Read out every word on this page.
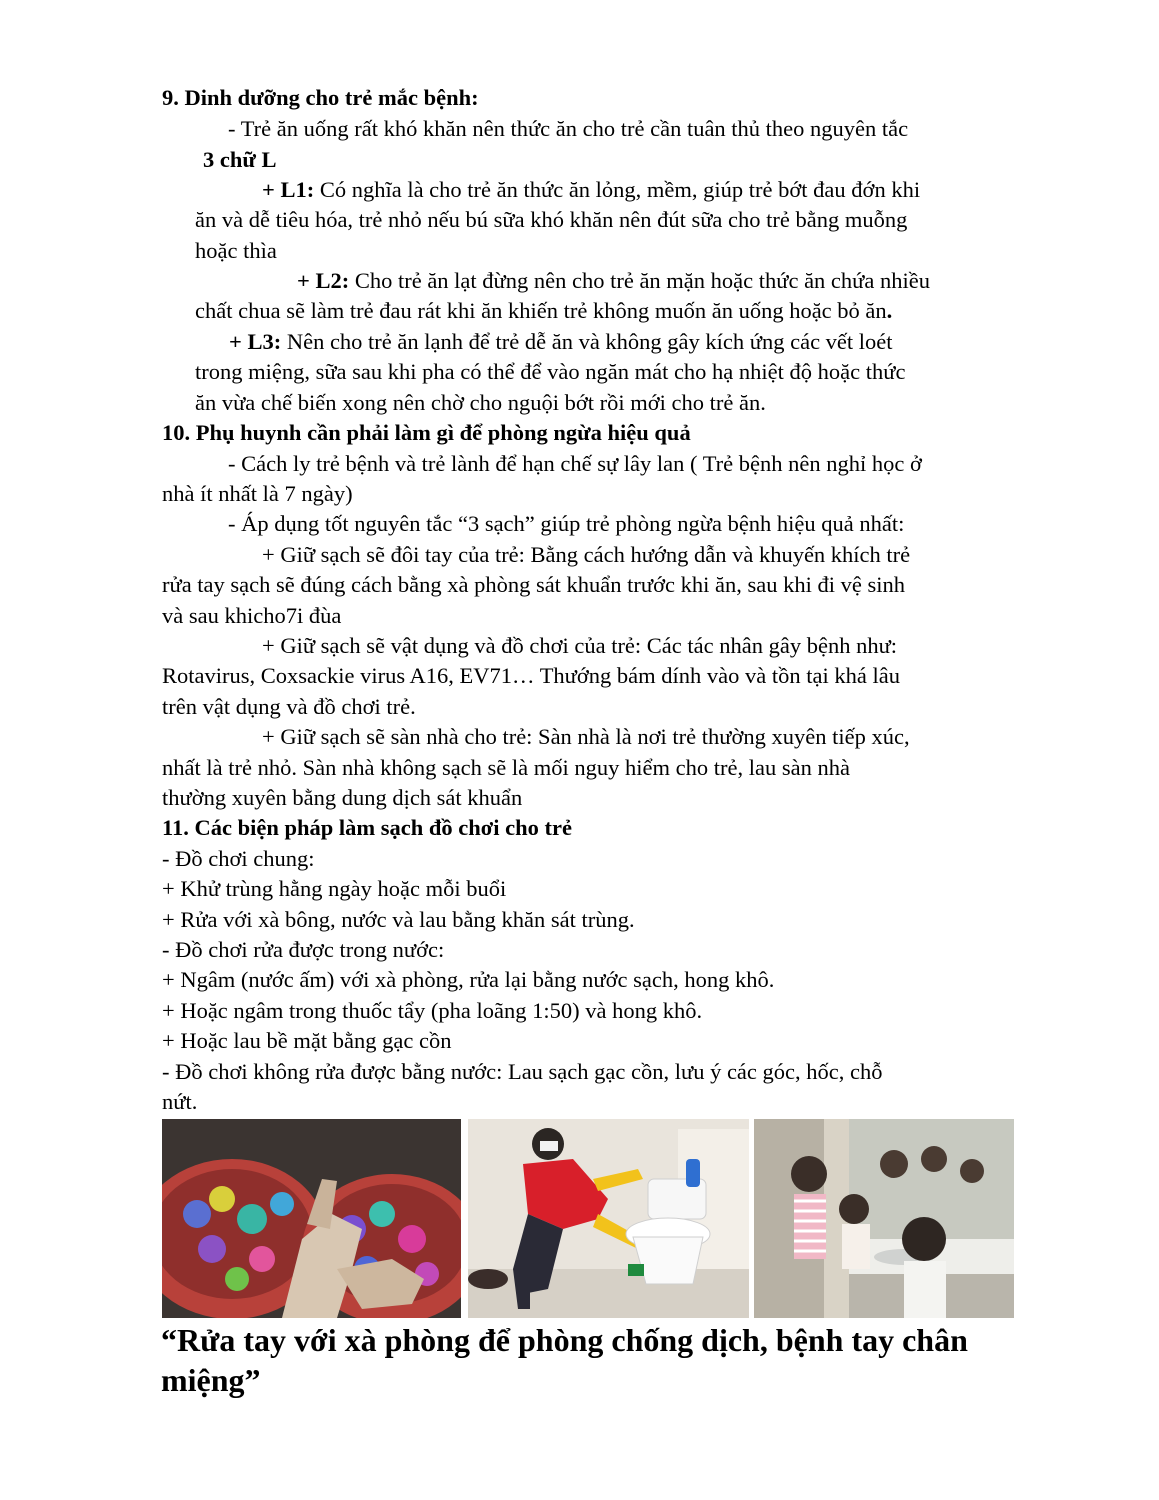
9. Dinh dưỡng cho trẻ mắc bệnh:
- Trẻ ăn uống rất khó khăn nên thức ăn cho trẻ cần tuân thủ theo nguyên tắc
3 chữ L
+ L1: Có nghĩa là cho trẻ ăn thức ăn lỏng, mềm, giúp trẻ bớt đau đớn khi
ăn và dễ tiêu hóa, trẻ nhỏ nếu bú sữa khó khăn nên đút sữa cho trẻ bằng muỗng
hoặc thìa
+ L2: Cho trẻ ăn lạt đừng nên cho trẻ ăn mặn hoặc thức ăn chứa nhiều
chất chua sẽ làm trẻ đau rát khi ăn khiến trẻ không muốn ăn uống hoặc bỏ ăn.
+ L3: Nên cho trẻ ăn lạnh để trẻ dễ ăn và không gây kích ứng các vết loét
trong miệng, sữa sau khi pha có thể để vào ngăn mát cho hạ nhiệt độ hoặc thức
ăn vừa chế biến xong nên chờ cho nguội bớt rồi mới cho trẻ ăn.
10. Phụ huynh cần phải làm gì để phòng ngừa hiệu quả
- Cách ly trẻ bệnh và trẻ lành để hạn chế sự lây lan ( Trẻ bệnh nên nghỉ học ở
nhà ít nhất là 7 ngày)
- Áp dụng tốt nguyên tắc “3 sạch” giúp trẻ phòng ngừa bệnh hiệu quả nhất:
+ Giữ sạch sẽ đôi tay của trẻ: Bằng cách hướng dẫn và khuyến khích trẻ
rửa tay sạch sẽ đúng cách bằng xà phòng sát khuẩn trước khi ăn, sau khi đi vệ sinh
và sau khicho7i đùa
+ Giữ sạch sẽ vật dụng và đồ chơi của trẻ: Các tác nhân gây bệnh như:
Rotavirus, Coxsackie virus A16, EV71… Thướng bám dính vào và tồn tại khá lâu
trên vật dụng và đồ chơi trẻ.
+ Giữ sạch sẽ sàn nhà cho trẻ: Sàn nhà là nơi trẻ thường xuyên tiếp xúc,
nhất là trẻ nhỏ. Sàn nhà không sạch sẽ là mối nguy hiểm cho trẻ, lau sàn nhà
thường xuyên bằng dung dịch sát khuẩn
11. Các biện pháp làm sạch đồ chơi cho trẻ
- Đồ chơi chung:
+ Khử trùng hằng ngày hoặc mỗi buổi
+ Rửa với xà bông, nước và lau bằng khăn sát trùng.
- Đồ chơi rửa được trong nước:
+ Ngâm (nước ấm) với xà phòng, rửa lại bằng nước sạch, hong khô.
+ Hoặc ngâm trong thuốc tẩy (pha loãng 1:50) và hong khô.
+ Hoặc lau bề mặt bằng gạc cồn
- Đồ chơi không rửa được bằng nước: Lau sạch gạc cồn, lưu ý các góc, hốc, chỗ
nứt.
“Rửa tay với xà phòng để phòng chống dịch, bệnh tay chân
miệng”
